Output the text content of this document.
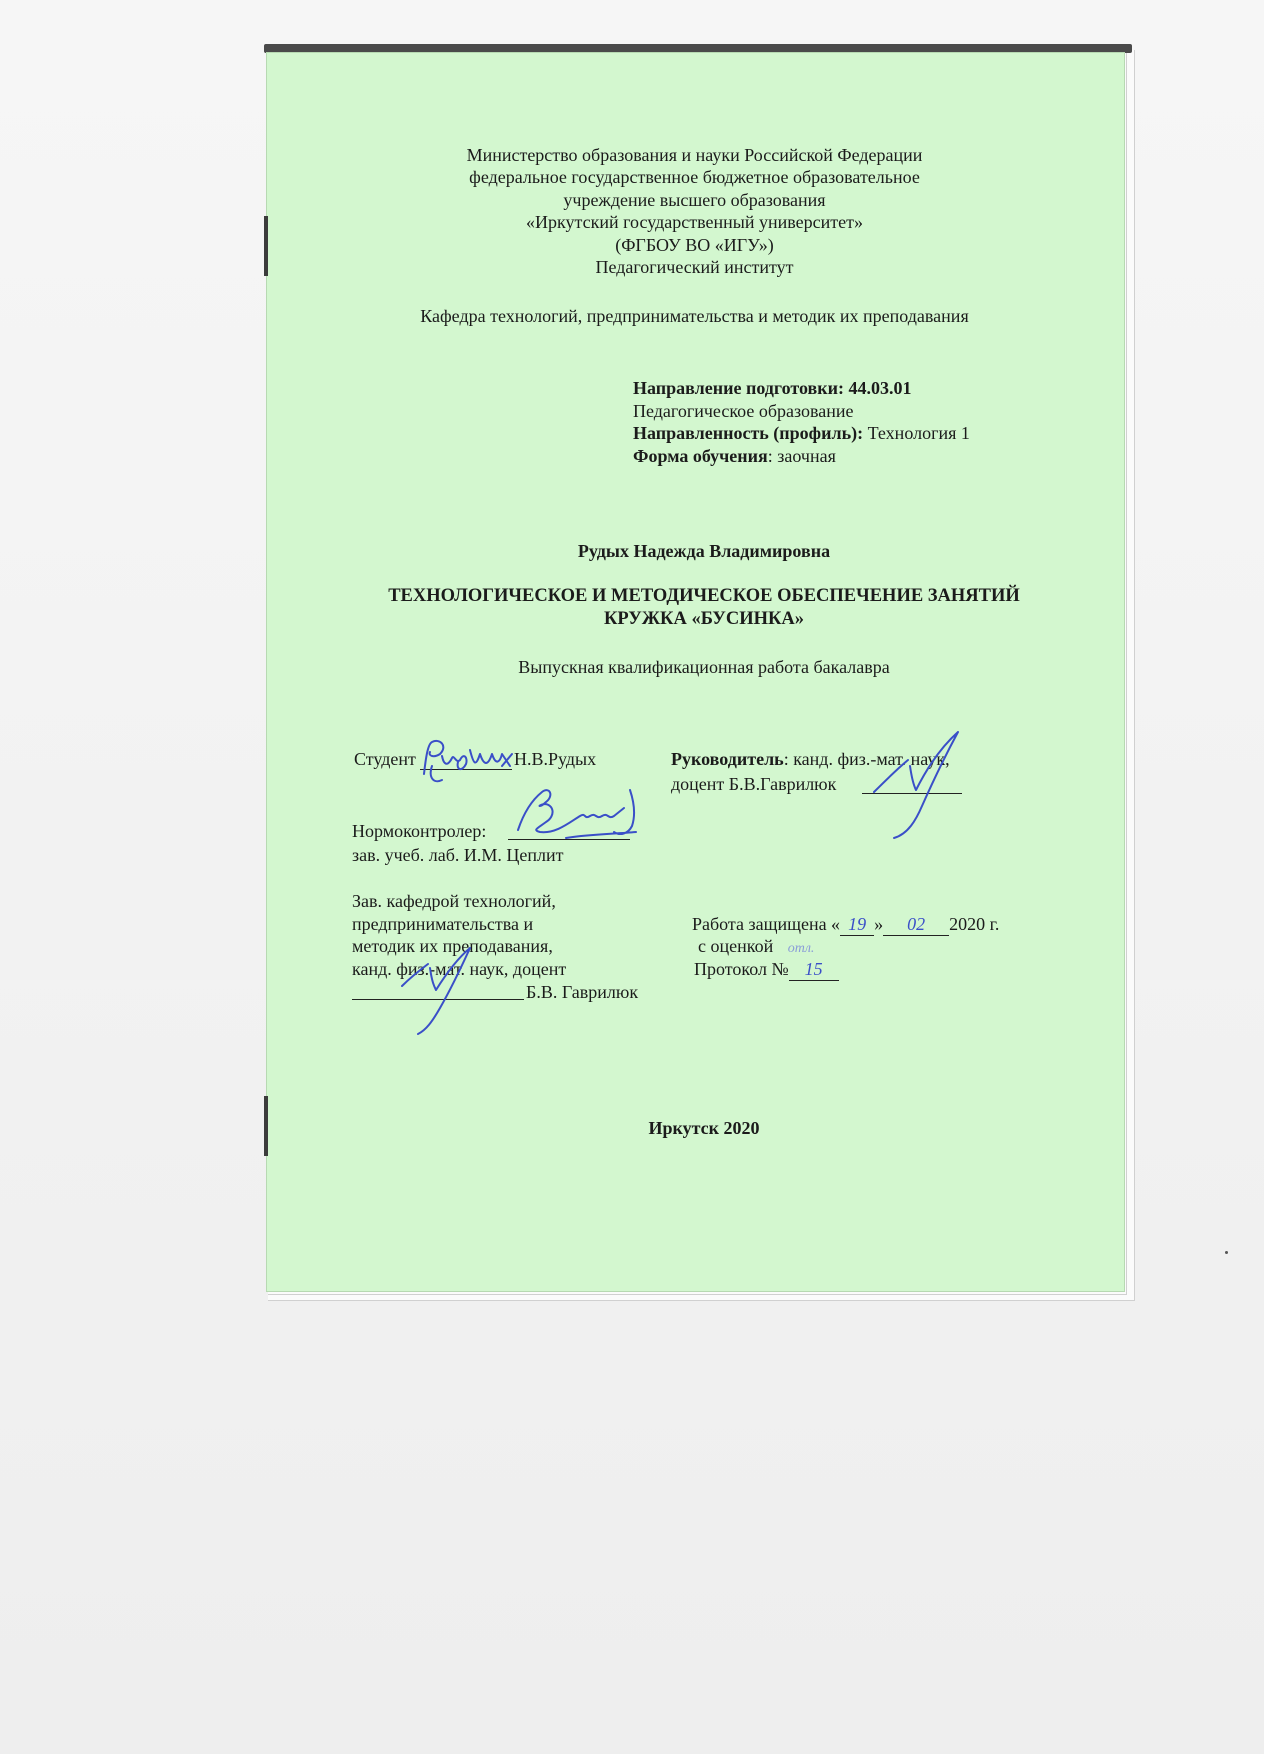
Министерство образования и науки Российской Федерации
федеральное государственное бюджетное образовательное
учреждение высшего образования
«Иркутский государственный университет»
(ФГБОУ ВО «ИГУ»)
Педагогический институт
Кафедра технологий, предпринимательства и методик их преподавания
Направление подготовки: 44.03.01
Педагогическое образование
Направленность (профиль): Технология 1
Форма обучения: заочная
Рудых Надежда Владимировна
ТЕХНОЛОГИЧЕСКОЕ И МЕТОДИЧЕСКОЕ ОБЕСПЕЧЕНИЕ ЗАНЯТИЙ
КРУЖКА «БУСИНКА»
Выпускная квалификационная работа бакалавра
Студент	Н.В.Рудых	Руководитель: канд. физ.-мат. наук,
доцент Б.В.Гаврилюк
Нормоконтролер:
зав. учеб. лаб. И.М. Цеплит
Зав. кафедрой технологий,
предпринимательства и
методик их преподавания,
канд. физ.-мат. наук, доцент
Б.В. Гаврилюк
Работа защищена « 19 » 02 2020 г.
с оценкой отл.
Протокол № 15
Иркутск 2020
